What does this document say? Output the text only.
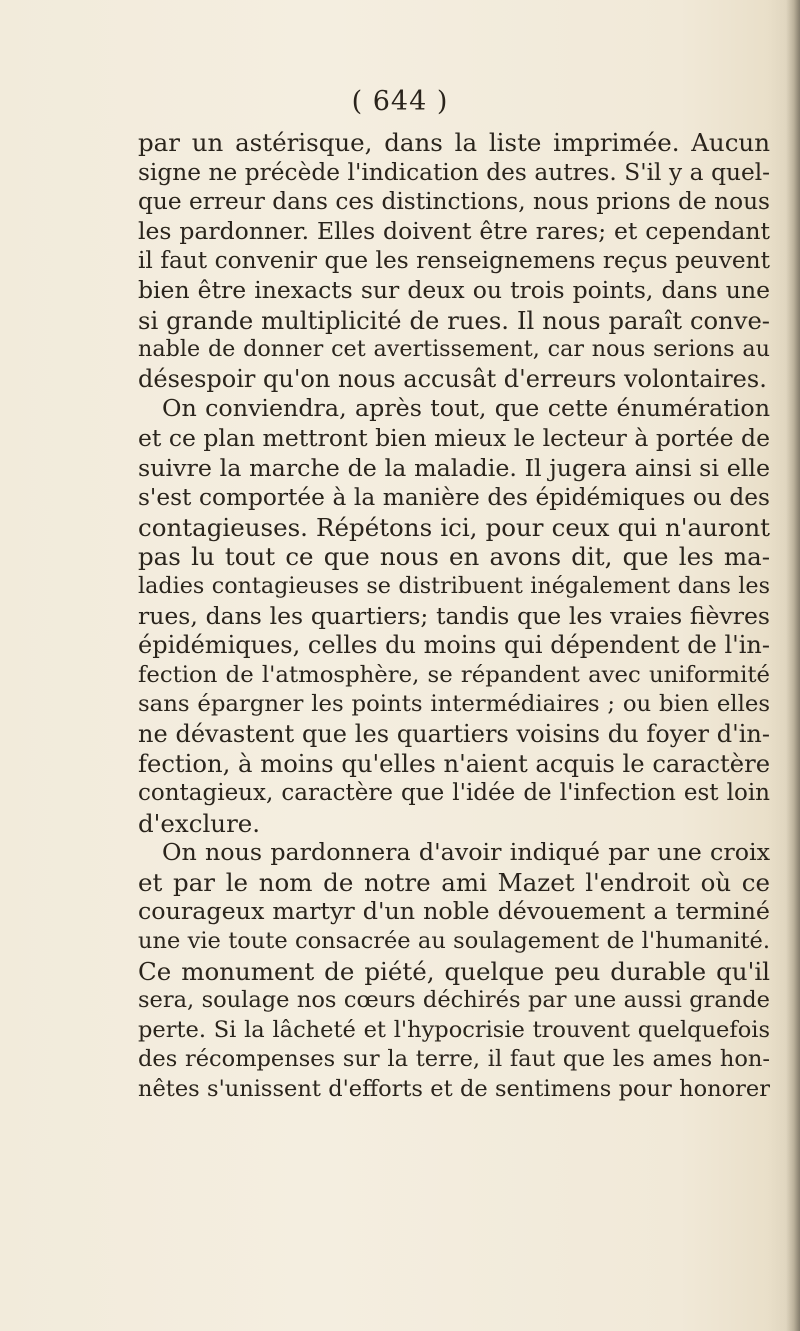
( 644 )
par un astérisque, dans la liste imprimée. Aucun
signe ne précède l'indication des autres. S'il y a quel-
que erreur dans ces distinctions, nous prions de nous
les pardonner. Elles doivent être rares; et cependant
il faut convenir que les renseignemens reçus peuvent
bien être inexacts sur deux ou trois points, dans une
si grande multiplicité de rues. Il nous paraît conve-
nable de donner cet avertissement, car nous serions au
désespoir qu'on nous accusât d'erreurs volontaires.
On conviendra, après tout, que cette énumération
et ce plan mettront bien mieux le lecteur à portée de
suivre la marche de la maladie. Il jugera ainsi si elle
s'est comportée à la manière des épidémiques ou des
contagieuses. Répétons ici, pour ceux qui n'auront
pas lu tout ce que nous en avons dit, que les ma-
ladies contagieuses se distribuent inégalement dans les
rues, dans les quartiers; tandis que les vraies fièvres
épidémiques, celles du moins qui dépendent de l'in-
fection de l'atmosphère, se répandent avec uniformité
sans épargner les points intermédiaires ; ou bien elles
ne dévastent que les quartiers voisins du foyer d'in-
fection, à moins qu'elles n'aient acquis le caractère
contagieux, caractère que l'idée de l'infection est loin
d'exclure.
On nous pardonnera d'avoir indiqué par une croix
et par le nom de notre ami Mazet l'endroit où ce
courageux martyr d'un noble dévouement a terminé
une vie toute consacrée au soulagement de l'humanité.
Ce monument de piété, quelque peu durable qu'il
sera, soulage nos cœurs déchirés par une aussi grande
perte. Si la lâcheté et l'hypocrisie trouvent quelquefois
des récompenses sur la terre, il faut que les ames hon-
nêtes s'unissent d'efforts et de sentimens pour honorer
